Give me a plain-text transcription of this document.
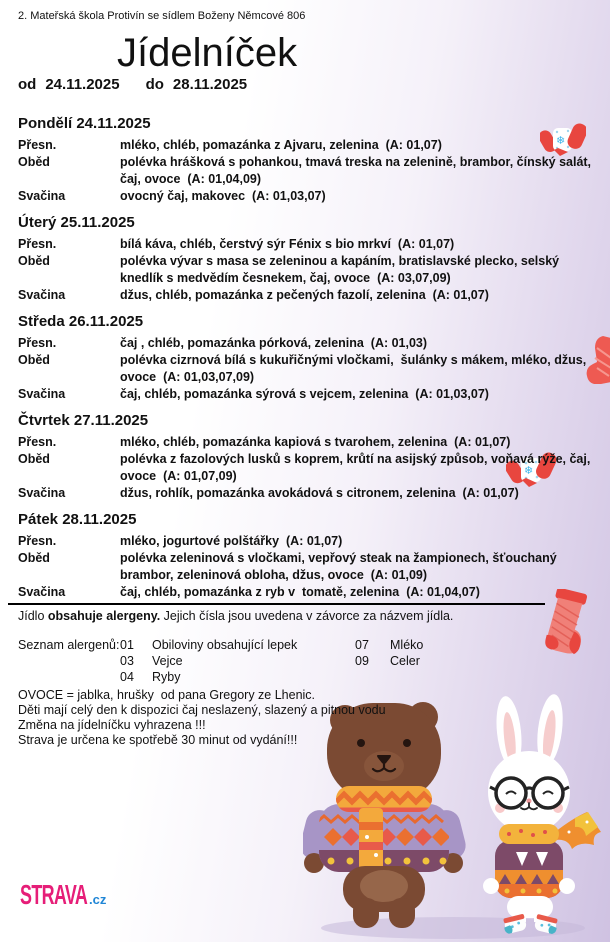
❄
❄
2. Mateřská škola Protivín se sídlem Boženy Němcové 806
Jídelníček
od 24.11.2025 do 28.11.2025
Pondělí 24.11.2025
Přesn.	mléko, chléb, pomazánka z Ajvaru, zelenina  (A: 01,07)
Oběd	polévka hrášková s pohankou, tmavá treska na zelenině, brambor, čínský salát, čaj, ovoce  (A: 01,04,09)
Svačina	ovocný čaj, makovec  (A: 01,03,07)
Úterý 25.11.2025
Přesn.	bílá káva, chléb, čerstvý sýr Fénix s bio mrkví  (A: 01,07)
Oběd	polévka vývar s masa se zeleninou a kapáním, bratislavské plecko, selský knedlík s medvědím česnekem, čaj, ovoce  (A: 03,07,09)
Svačina	džus, chléb, pomazánka z pečených fazolí, zelenina  (A: 01,07)
Středa 26.11.2025
Přesn.	čaj , chléb, pomazánka pórková, zelenina  (A: 01,03)
Oběd	polévka cizrnová bílá s kukuřičnými vločkami,  šulánky s mákem, mléko, džus, ovoce  (A: 01,03,07,09)
Svačina	čaj, chléb, pomazánka sýrová s vejcem, zelenina  (A: 01,03,07)
Čtvrtek 27.11.2025
Přesn.	mléko, chléb, pomazánka kapiová s tvarohem, zelenina  (A: 01,07)
Oběd	polévka z fazolových lusků s koprem, krůtí na asijský způsob, voňavá rýže, čaj, ovoce  (A: 01,07,09)
Svačina	džus, rohlík, pomazánka avokádová s citronem, zelenina  (A: 01,07)
Pátek 28.11.2025
Přesn.	mléko, jogurtové polštářky  (A: 01,07)
Oběd	polévka zeleninová s vločkami, vepřový steak na žampionech, šťouchaný brambor, zeleninová obloha, džus, ovoce  (A: 01,09)
Svačina	čaj, chléb, pomazánka z ryb v  tomatě, zelenina  (A: 01,04,07)

Jídlo obsahuje alergeny. Jejich čísla jsou uvedena v závorce za názvem jídla.

Seznam alergenů: 01	Obiloviny obsahující lepek	07	Mléko
03	Vejce	09	Celer
04	Ryby
OVOCE = jablka, hrušky  od pana Gregory ze Lhenic.
Děti mají celý den k dispozici čaj neslazený, slazený a pitnou vodu
Změna na jídelníčku vyhrazena !!!
Strava je určena ke spotřebě 30 minut od vydání!!!
STRAVA .cz
